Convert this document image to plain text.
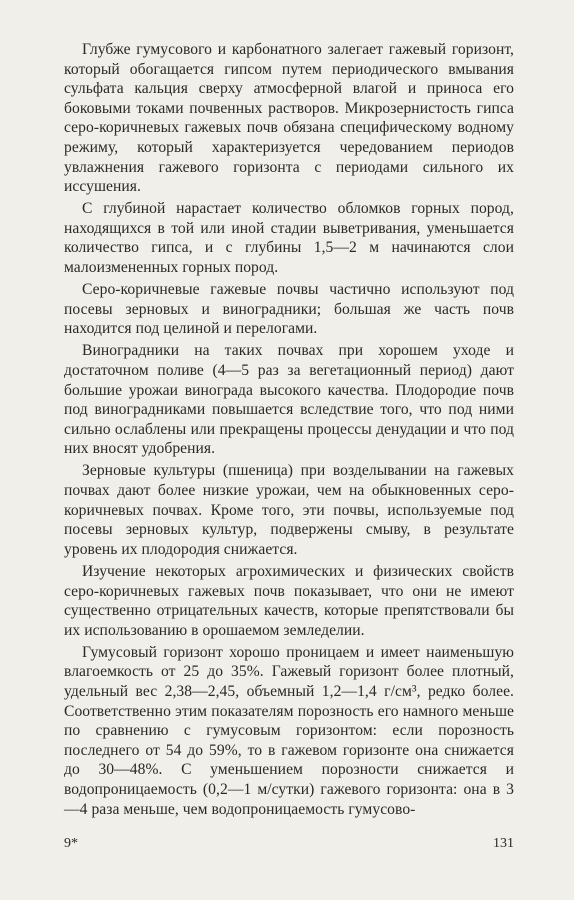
Глубже гумусового и карбонатного залегает гажевый горизонт, который обогащается гипсом путем периодического вмывания сульфата кальция сверху атмосферной влагой и приноса его боковыми токами почвенных растворов. Микрозернистость гипса серо-коричневых гажевых почв обязана специфическому водному режиму, который характеризуется чередованием периодов увлажнения гажевого горизонта с периодами сильного их иссушения.

С глубиной нарастает количество обломков горных пород, находящихся в той или иной стадии выветривания, уменьшается количество гипса, и с глубины 1,5—2 м начинаются слои малоизмененных горных пород.

Серо-коричневые гажевые почвы частично используют под посевы зерновых и виноградники; большая же часть почв находится под целиной и перелогами.

Виноградники на таких почвах при хорошем уходе и достаточном поливе (4—5 раз за вегетационный период) дают большие урожаи винограда высокого качества. Плодородие почв под виноградниками повышается вследствие того, что под ними сильно ослаблены или прекращены процессы денудации и что под них вносят удобрения.

Зерновые культуры (пшеница) при возделывании на гажевых почвах дают более низкие урожаи, чем на обыкновенных серо-коричневых почвах. Кроме того, эти почвы, используемые под посевы зерновых культур, подвержены смыву, в результате уровень их плодородия снижается.

Изучение некоторых агрохимических и физических свойств серо-коричневых гажевых почв показывает, что они не имеют существенно отрицательных качеств, которые препятствовали бы их использованию в орошаемом земледелии.

Гумусовый горизонт хорошо проницаем и имеет наименьшую влагоемкость от 25 до 35%. Гажевый горизонт более плотный, удельный вес 2,38—2,45, объемный 1,2—1,4 г/см³, редко более. Соответственно этим показателям порозность его намного меньше по сравнению с гумусовым горизонтом: если порозность последнего от 54 до 59%, то в гажевом горизонте она снижается до 30—48%. С уменьшением порозности снижается и водопроницаемость (0,2—1 м/сутки) гажевого горизонта: она в 3—4 раза меньше, чем водопроницаемость гумусово-

9*	131
